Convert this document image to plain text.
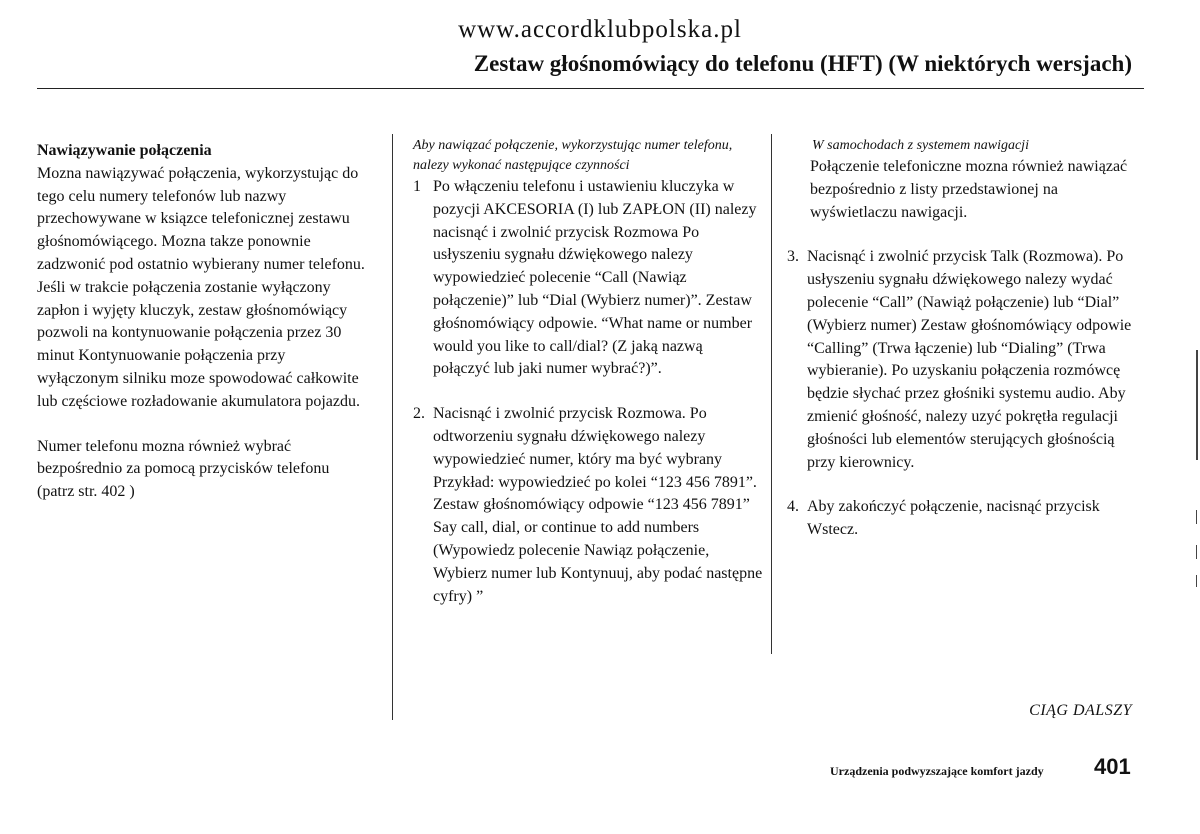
www.accordklubpolska.pl
Zestaw głośnomówiący do telefonu (HFT) (W niektórych wersjach)

Nawiązywanie połączenia

Mozna nawiązywać połączenia, wykorzystując do tego celu numery telefonów lub nazwy przechowywane w ksiązce telefonicznej zestawu głośnomówiącego. Mozna takze ponownie zadzwonić pod ostatnio wybierany numer telefonu. Jeśli w trakcie połączenia zostanie wyłączony zapłon i wyjęty kluczyk, zestaw głośnomówiący pozwoli na kontynuowanie połączenia przez 30 minut Kontynuowanie połączenia przy wyłączonym silniku moze spowodować całkowite lub częściowe rozładowanie akumulatora pojazdu.

Numer telefonu mozna również wybrać bezpośrednio za pomocą przycisków telefonu (patrz str. 402 )

Aby nawiązać połączenie, wykorzystując numer telefonu, nalezy wykonać następujące czynności

1 Po włączeniu telefonu i ustawieniu kluczyka w pozycji AKCESORIA (I) lub ZAPŁON (II) nalezy nacisnąć i zwolnić przycisk Rozmowa Po usłyszeniu sygnału dźwiękowego nalezy wypowiedzieć polecenie “Call (Nawiąz połączenie)” lub “Dial (Wybierz numer)”. Zestaw głośnomówiący odpowie. “What name or number would you like to call/dial? (Z jaką nazwą połączyć lub jaki numer wybrać?)”.

2. Nacisnąć i zwolnić przycisk Rozmowa. Po odtworzeniu sygnału dźwiękowego nalezy wypowiedzieć numer, który ma być wybrany Przykład: wypowiedzieć po kolei “123 456 7891”. Zestaw głośnomówiący odpowie “123 456 7891” Say call, dial, or continue to add numbers (Wypowiedz polecenie Nawiąz połączenie, Wybierz numer lub Kontynuuj, aby podać następne cyfry) ”

W samochodach z systemem nawigacji

Połączenie telefoniczne mozna również nawiązać bezpośrednio z listy przedstawionej na wyświetlaczu nawigacji.

3. Nacisnąć i zwolnić przycisk Talk (Rozmowa). Po usłyszeniu sygnału dźwiękowego nalezy wydać polecenie “Call” (Nawiąż połączenie) lub “Dial” (Wybierz numer) Zestaw głośnomówiący odpowie “Calling” (Trwa łączenie) lub “Dialing” (Trwa wybieranie). Po uzyskaniu połączenia rozmówcę będzie słychać przez głośniki systemu audio. Aby zmienić głośność, nalezy uzyć pokrętła regulacji głośności lub elementów sterujących głośnością przy kierownicy.

4. Aby zakończyć połączenie, nacisnąć przycisk Wstecz.

CIĄG DALSZY
Urządzenia podwyzszające komfort jazdy 401
